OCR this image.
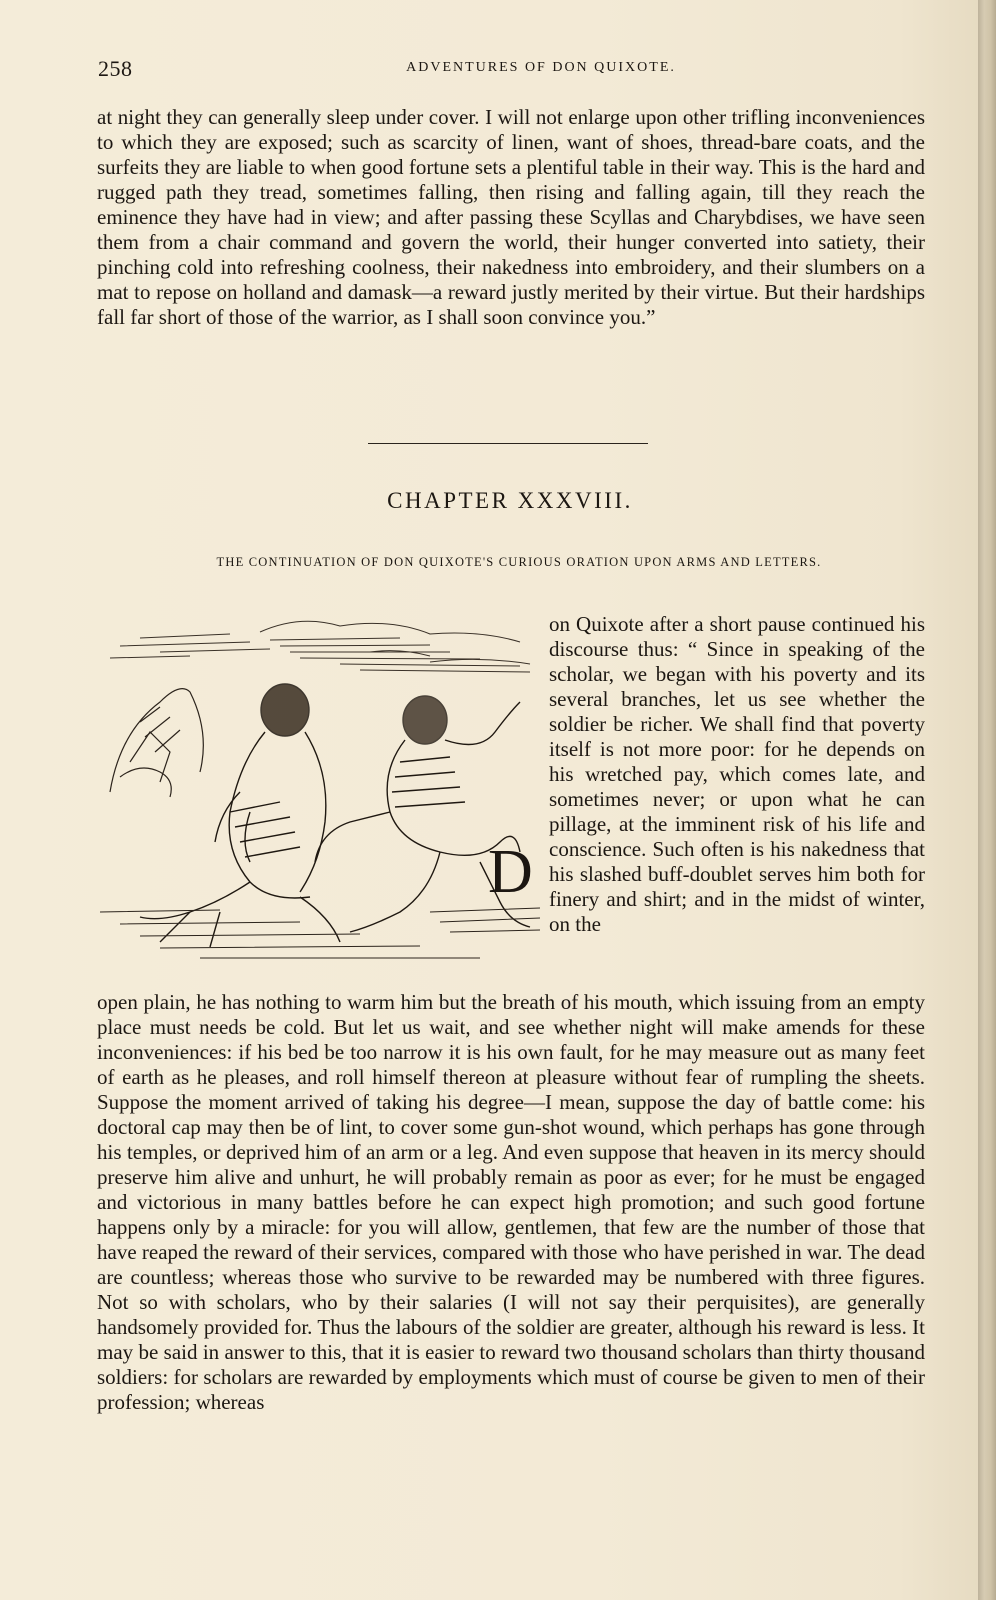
258	ADVENTURES OF DON QUIXOTE.

at night they can generally sleep under cover. I will not enlarge upon other trifling inconveniences to which they are exposed; such as scarcity of linen, want of shoes, thread-bare coats, and the surfeits they are liable to when good fortune sets a plentiful table in their way. This is the hard and rugged path they tread, sometimes falling, then rising and falling again, till they reach the eminence they have had in view; and after passing these Scyllas and Charybdises, we have seen them from a chair command and govern the world, their hunger converted into satiety, their pinching cold into refreshing coolness, their nakedness into embroidery, and their slumbers on a mat to repose on holland and damask—a reward justly merited by their virtue. But their hardships fall far short of those of the warrior, as I shall soon convince you.”

CHAPTER XXXVIII.
THE CONTINUATION OF DON QUIXOTE'S CURIOUS ORATION UPON ARMS AND LETTERS.
D

on Quixote after a short pause continued his discourse thus: “ Since in speaking of the scholar, we began with his poverty and its several branches, let us see whether the soldier be richer. We shall find that poverty itself is not more poor: for he depends on his wretched pay, which comes late, and sometimes never; or upon what he can pillage, at the imminent risk of his life and conscience. Such often is his nakedness that his slashed buff-doublet serves him both for finery and shirt; and in the midst of winter, on the

open plain, he has nothing to warm him but the breath of his mouth, which issuing from an empty place must needs be cold. But let us wait, and see whether night will make amends for these inconveniences: if his bed be too narrow it is his own fault, for he may measure out as many feet of earth as he pleases, and roll himself thereon at pleasure without fear of rumpling the sheets. Suppose the moment arrived of taking his degree—I mean, suppose the day of battle come: his doctoral cap may then be of lint, to cover some gun-shot wound, which perhaps has gone through his temples, or deprived him of an arm or a leg. And even suppose that heaven in its mercy should preserve him alive and unhurt, he will probably remain as poor as ever; for he must be engaged and victorious in many battles before he can expect high promotion; and such good fortune happens only by a miracle: for you will allow, gentlemen, that few are the number of those that have reaped the reward of their services, compared with those who have perished in war. The dead are countless; whereas those who survive to be rewarded may be numbered with three figures. Not so with scholars, who by their salaries (I will not say their perquisites), are generally handsomely provided for. Thus the labours of the soldier are greater, although his reward is less. It may be said in answer to this, that it is easier to reward two thousand scholars than thirty thousand soldiers: for scholars are rewarded by employments which must of course be given to men of their profession; whereas
